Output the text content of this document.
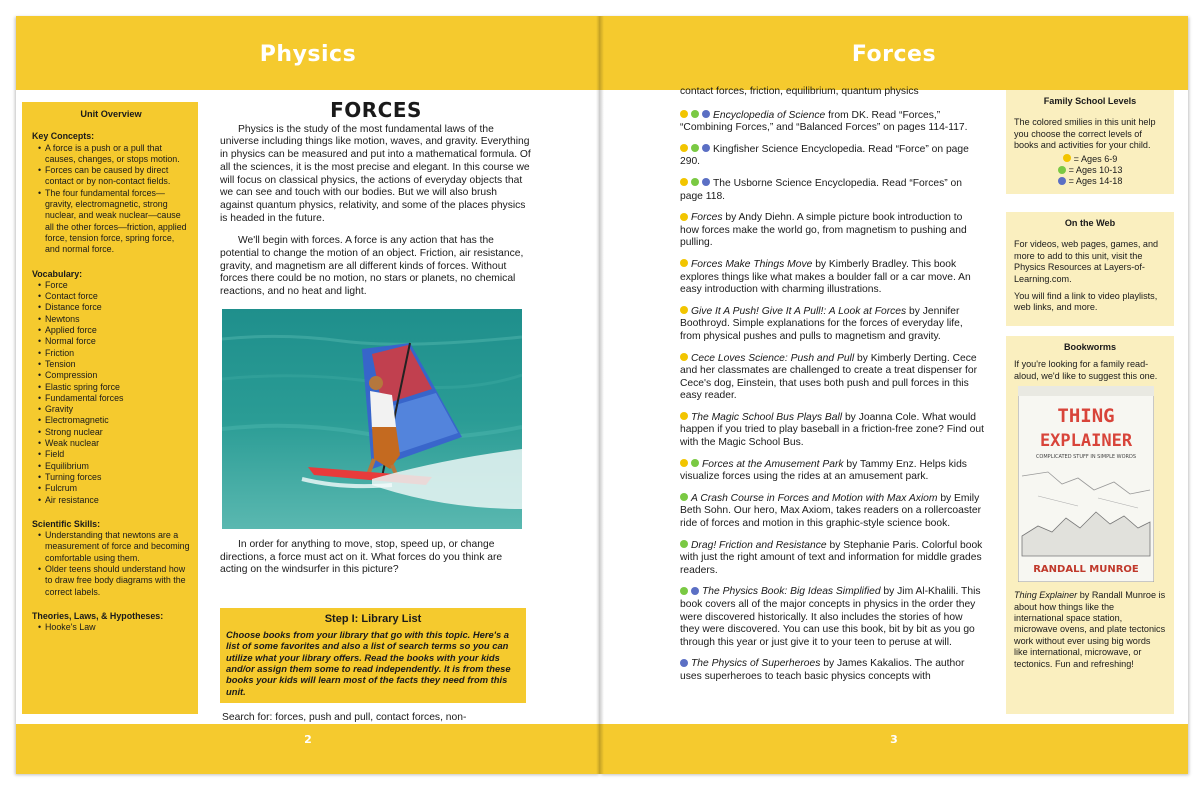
Physics
Unit Overview
Key Concepts:
• A force is a push or a pull that causes, changes, or stops motion.
• Forces can be caused by direct contact or by non-contact fields.
• The four fundamental forces—gravity, electromagnetic, strong nuclear, and weak nuclear—cause all the other forces—friction, applied force, tension force, spring force, and normal force.
Vocabulary:
• Force
• Contact force
• Distance force
• Newtons
• Applied force
• Normal force
• Friction
• Tension
• Compression
• Elastic spring force
• Fundamental forces
• Gravity
• Electromagnetic
• Strong nuclear
• Weak nuclear
• Field
• Equilibrium
• Turning forces
• Fulcrum
• Air resistance
Scientific Skills:
• Understanding that newtons are a measurement of force and becoming comfortable using them.
• Older teens should understand how to draw free body diagrams with the correct labels.
Theories, Laws, & Hypotheses:
• Hooke's Law
FORCES

Physics is the study of the most fundamental laws of the universe including things like motion, waves, and gravity. Everything in physics can be measured and put into a mathematical formula. Of all the sciences, it is the most precise and elegant. In this course we will focus on classical physics, the actions of everyday objects that we can see and touch with our bodies. But we will also brush against quantum physics, relativity, and some of the places physics is headed in the future.

We'll begin with forces. A force is any action that has the potential to change the motion of an object. Friction, air resistance, gravity, and magnetism are all different kinds of forces. Without forces there could be no motion, no stars or planets, no chemical reactions, and no heat and light.

In order for anything to move, stop, speed up, or change directions, a force must act on it. What forces do you think are acting on the windsurfer in this picture?

Step I: Library List
Choose books from your library that go with this topic. Here's a list of some favorites and also a list of search terms so you can utilize what your library offers. Read the books with your kids and/or assign them some to read independently. It is from these books your kids will learn most of the facts they need from this unit.
Search for: forces, push and pull, contact forces, non-
2
Forces
contact forces, friction, equilibrium, quantum physics
Encyclopedia of Science from DK. Read “Forces,” “Combining Forces,” and “Balanced Forces” on pages 114-117.
Kingfisher Science Encyclopedia. Read “Force” on page 290.
The Usborne Science Encyclopedia. Read “Forces” on page 118.
Forces by Andy Diehn. A simple picture book introduction to how forces make the world go, from magnetism to pushing and pulling.
Forces Make Things Move by Kimberly Bradley. This book explores things like what makes a boulder fall or a car move. An easy introduction with charming illustrations.
Give It A Push! Give It A Pull!: A Look at Forces by Jennifer Boothroyd. Simple explanations for the forces of everyday life, from physical pushes and pulls to magnetism and gravity.
Cece Loves Science: Push and Pull by Kimberly Derting. Cece and her classmates are challenged to create a treat dispenser for Cece's dog, Einstein, that uses both push and pull forces in this easy reader.
The Magic School Bus Plays Ball by Joanna Cole. What would happen if you tried to play baseball in a friction-free zone? Find out with the Magic School Bus.
Forces at the Amusement Park by Tammy Enz. Helps kids visualize forces using the rides at an amusement park.
A Crash Course in Forces and Motion with Max Axiom by Emily Beth Sohn. Our hero, Max Axiom, takes readers on a rollercoaster ride of forces and motion in this graphic-style science book.
Drag! Friction and Resistance by Stephanie Paris. Colorful book with just the right amount of text and information for middle grades readers.
The Physics Book: Big Ideas Simplified by Jim Al-Khalili. This book covers all of the major concepts in physics in the order they were discovered historically. It also includes the stories of how they were discovered. You can use this book, bit by bit as you go through this year or just give it to your teen to peruse at will.
The Physics of Superheroes by James Kakalios. The author uses superheroes to teach basic physics concepts with
Family School Levels

The colored smilies in this unit help you choose the correct levels of books and activities for your child.

= Ages 6-9
= Ages 10-13
= Ages 14-18
On the Web

For videos, web pages, games, and more to add to this unit, visit the Physics Resources at Layers-of-Learning.com.

You will find a link to video playlists, web links, and more.

Bookworms

If you're looking for a family read-aloud, we'd like to suggest this one.

THING
EXPLAINER
COMPLICATED STUFF IN SIMPLE WORDS
RANDALL MUNROE

Thing Explainer by Randall Munroe is about how things like the international space station, microwave ovens, and plate tectonics work without ever using big words like international, microwave, or tectonics. Fun and refreshing!

3
